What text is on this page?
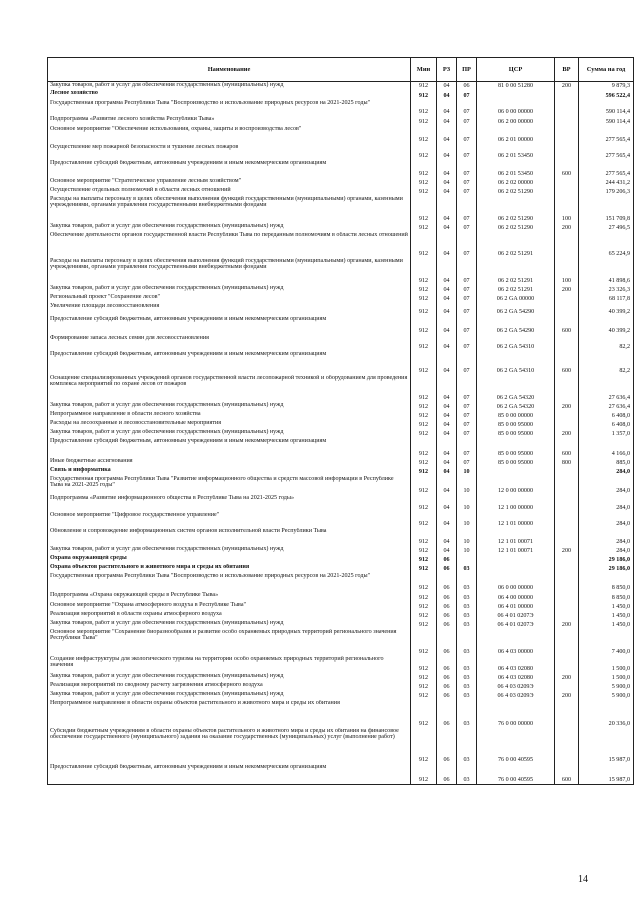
Наименование	Мин	РЗ	ПР	ЦСР	ВР	Сумма на год
Закупка товаров, работ и услуг для обеспечения государственных (муниципальных) нужд	912	04	06	81 0 00 51280	200	9 879,3
Лесное хозяйство	912	04	07			596 522,4
Государственная программа Республики Тыва "Воспроизводство и использование природных ресурсов на 2021-2025 годы"	912	04	07	06 0 00 00000		590 114,4
Подпрограмма «Развитие лесного хозяйства Республики Тыва»	912	04	07	06 2 00 00000		590 114,4
Основное мероприятие "Обеспечение использования, охраны, защиты и воспроизводства лесов"	912	04	07	06 2 01 00000		277 565,4
Осуществление мер пожарной безопасности и тушение лесных пожаров	912	04	07	06 2 01 53450		277 565,4
Предоставление субсидий бюджетным, автономным учреждениям и иным некоммерческим организациям	912	04	07	06 2 01 53450	600	277 565,4
Основное мероприятие "Стратегическое управление лесным хозяйством"	912	04	07	06 2 02 00000		244 431,2
Осуществление отдельных полномочий в области лесных отношений	912	04	07	06 2 02 51290		179 206,3
Расходы на выплаты персоналу в целях обеспечения выполнения функций государственными (муниципальными) органами, казенными учреждениями, органами управления государственными внебюджетными фондами	912	04	07	06 2 02 51290	100	151 709,8
Закупка товаров, работ и услуг для обеспечения государственных (муниципальных) нужд	912	04	07	06 2 02 51290	200	27 496,5
Обеспечение деятельности органов государственной власти Республики Тыва по переданным полномочиям в области лесных отношений	912	04	07	06 2 02 51291		65 224,9
Расходы на выплаты персоналу в целях обеспечения выполнения функций государственными (муниципальными) органами, казенными учреждениями, органами управления государственными внебюджетными фондами	912	04	07	06 2 02 51291	100	41 898,6
Закупка товаров, работ и услуг для обеспечения государственных (муниципальных) нужд	912	04	07	06 2 02 51291	200	23 326,3
Региональный проект "Сохранение лесов"	912	04	07	06 2 GA 00000		68 117,8
Увеличение площади лесовосстановления	912	04	07	06 2 GA 54290		40 399,2
Предоставление субсидий бюджетным, автономным учреждениям и иным некоммерческим организациям	912	04	07	06 2 GA 54290	600	40 399,2
Формирование запаса лесных семян для лесовосстановления	912	04	07	06 2 GA 54310		82,2
Предоставление субсидий бюджетным, автономным учреждениям и иным некоммерческим организациям	912	04	07	06 2 GA 54310	600	82,2
Оснащение специализированных учреждений органов государственной власти лесопожарной техникой и оборудованием для проведения комплекса мероприятий по охране лесов от пожаров	912	04	07	06 2 GA 54320		27 636,4
Закупка товаров, работ и услуг для обеспечения государственных (муниципальных) нужд	912	04	07	06 2 GA 54320	200	27 636,4
Непрограммное направление в области лесного хозяйства	912	04	07	85 0 00 00000		6 408,0
Расходы на лесоохранные и лесовосстановительные мероприятия	912	04	07	85 0 00 95000		6 408,0
Закупка товаров, работ и услуг для обеспечения государственных (муниципальных) нужд	912	04	07	85 0 00 95000	200	1 357,0
Предоставление субсидий бюджетным, автономным учреждениям и иным некоммерческим организациям	912	04	07	85 0 00 95000	600	4 166,0
Иные бюджетные ассигнования	912	04	07	85 0 00 95000	800	885,0
Связь и информатика	912	04	10			284,0
Государственная программа Республики Тыва "Развитие информационного общества и средств массовой информации в Республике Тыва на 2021-2025 годы"	912	04	10	12 0 00 00000		284,0
Подпрограмма «Развитие информационного общества в Республике Тыва на 2021-2025 годы»	912	04	10	12 1 00 00000		284,0
Основное мероприятие "Цифровое государственное управление"	912	04	10	12 1 01 00000		284,0
Обновление и сопровождение информационных систем органов исполнительной власти Республики Тыва	912	04	10	12 1 01 00071		284,0
Закупка товаров, работ и услуг для обеспечения государственных (муниципальных) нужд	912	04	10	12 1 01 00071	200	284,0
Охрана окружающей среды	912	06				29 186,0
Охрана объектов растительного и животного мира и среды их обитания	912	06	03			29 186,0
Государственная программа Республики Тыва "Воспроизводство и использование природных ресурсов на 2021-2025 годы"	912	06	03	06 0 00 00000		8 850,0
Подпрограмма «Охрана окружающей среды в Республике Тыва»	912	06	03	06 4 00 00000		8 850,0
Основное мероприятие "Охрана атмосферного воздуха в Республике Тыва"	912	06	03	06 4 01 00000		1 450,0
Реализация мероприятий в области охраны атмосферного воздуха	912	06	03	06 4 01 0207Э		1 450,0
Закупка товаров, работ и услуг для обеспечения государственных (муниципальных) нужд	912	06	03	06 4 01 0207Э	200	1 450,0
Основное мероприятие "Сохранение биоразнообразия и развитие особо охраняемых природных территорий регионального значения Республики Тыва"	912	06	03	06 4 03 00000		7 400,0
Создание инфраструктуры для экологического туризма на территории особо охраняемых природных территорий регионального значения	912	06	03	06 4 03 02080		1 500,0
Закупка товаров, работ и услуг для обеспечения государственных (муниципальных) нужд	912	06	03	06 4 03 02080	200	1 500,0
Реализация мероприятий по сводному расчету загрязнения атмосферного воздуха	912	06	03	06 4 03 0209Э		5 900,0
Закупка товаров, работ и услуг для обеспечения государственных (муниципальных) нужд	912	06	03	06 4 03 0209Э	200	5 900,0
Непрограммное направление в области охраны объектов растительного и животного мира и среды их обитания	912	06	03	76 0 00 00000		20 336,0
Субсидии бюджетным учреждениям в области охраны объектов растительного и животного мира и среды их обитания на финансовое обеспечение государственного (муниципального) задания на оказание государственных (муниципальных) услуг (выполнение работ)	912	06	03	76 0 00 40595		15 987,0
Предоставление субсидий бюджетным, автономным учреждениям и иным некоммерческим организациям	912	06	03	76 0 00 40595	600	15 987,0
14
